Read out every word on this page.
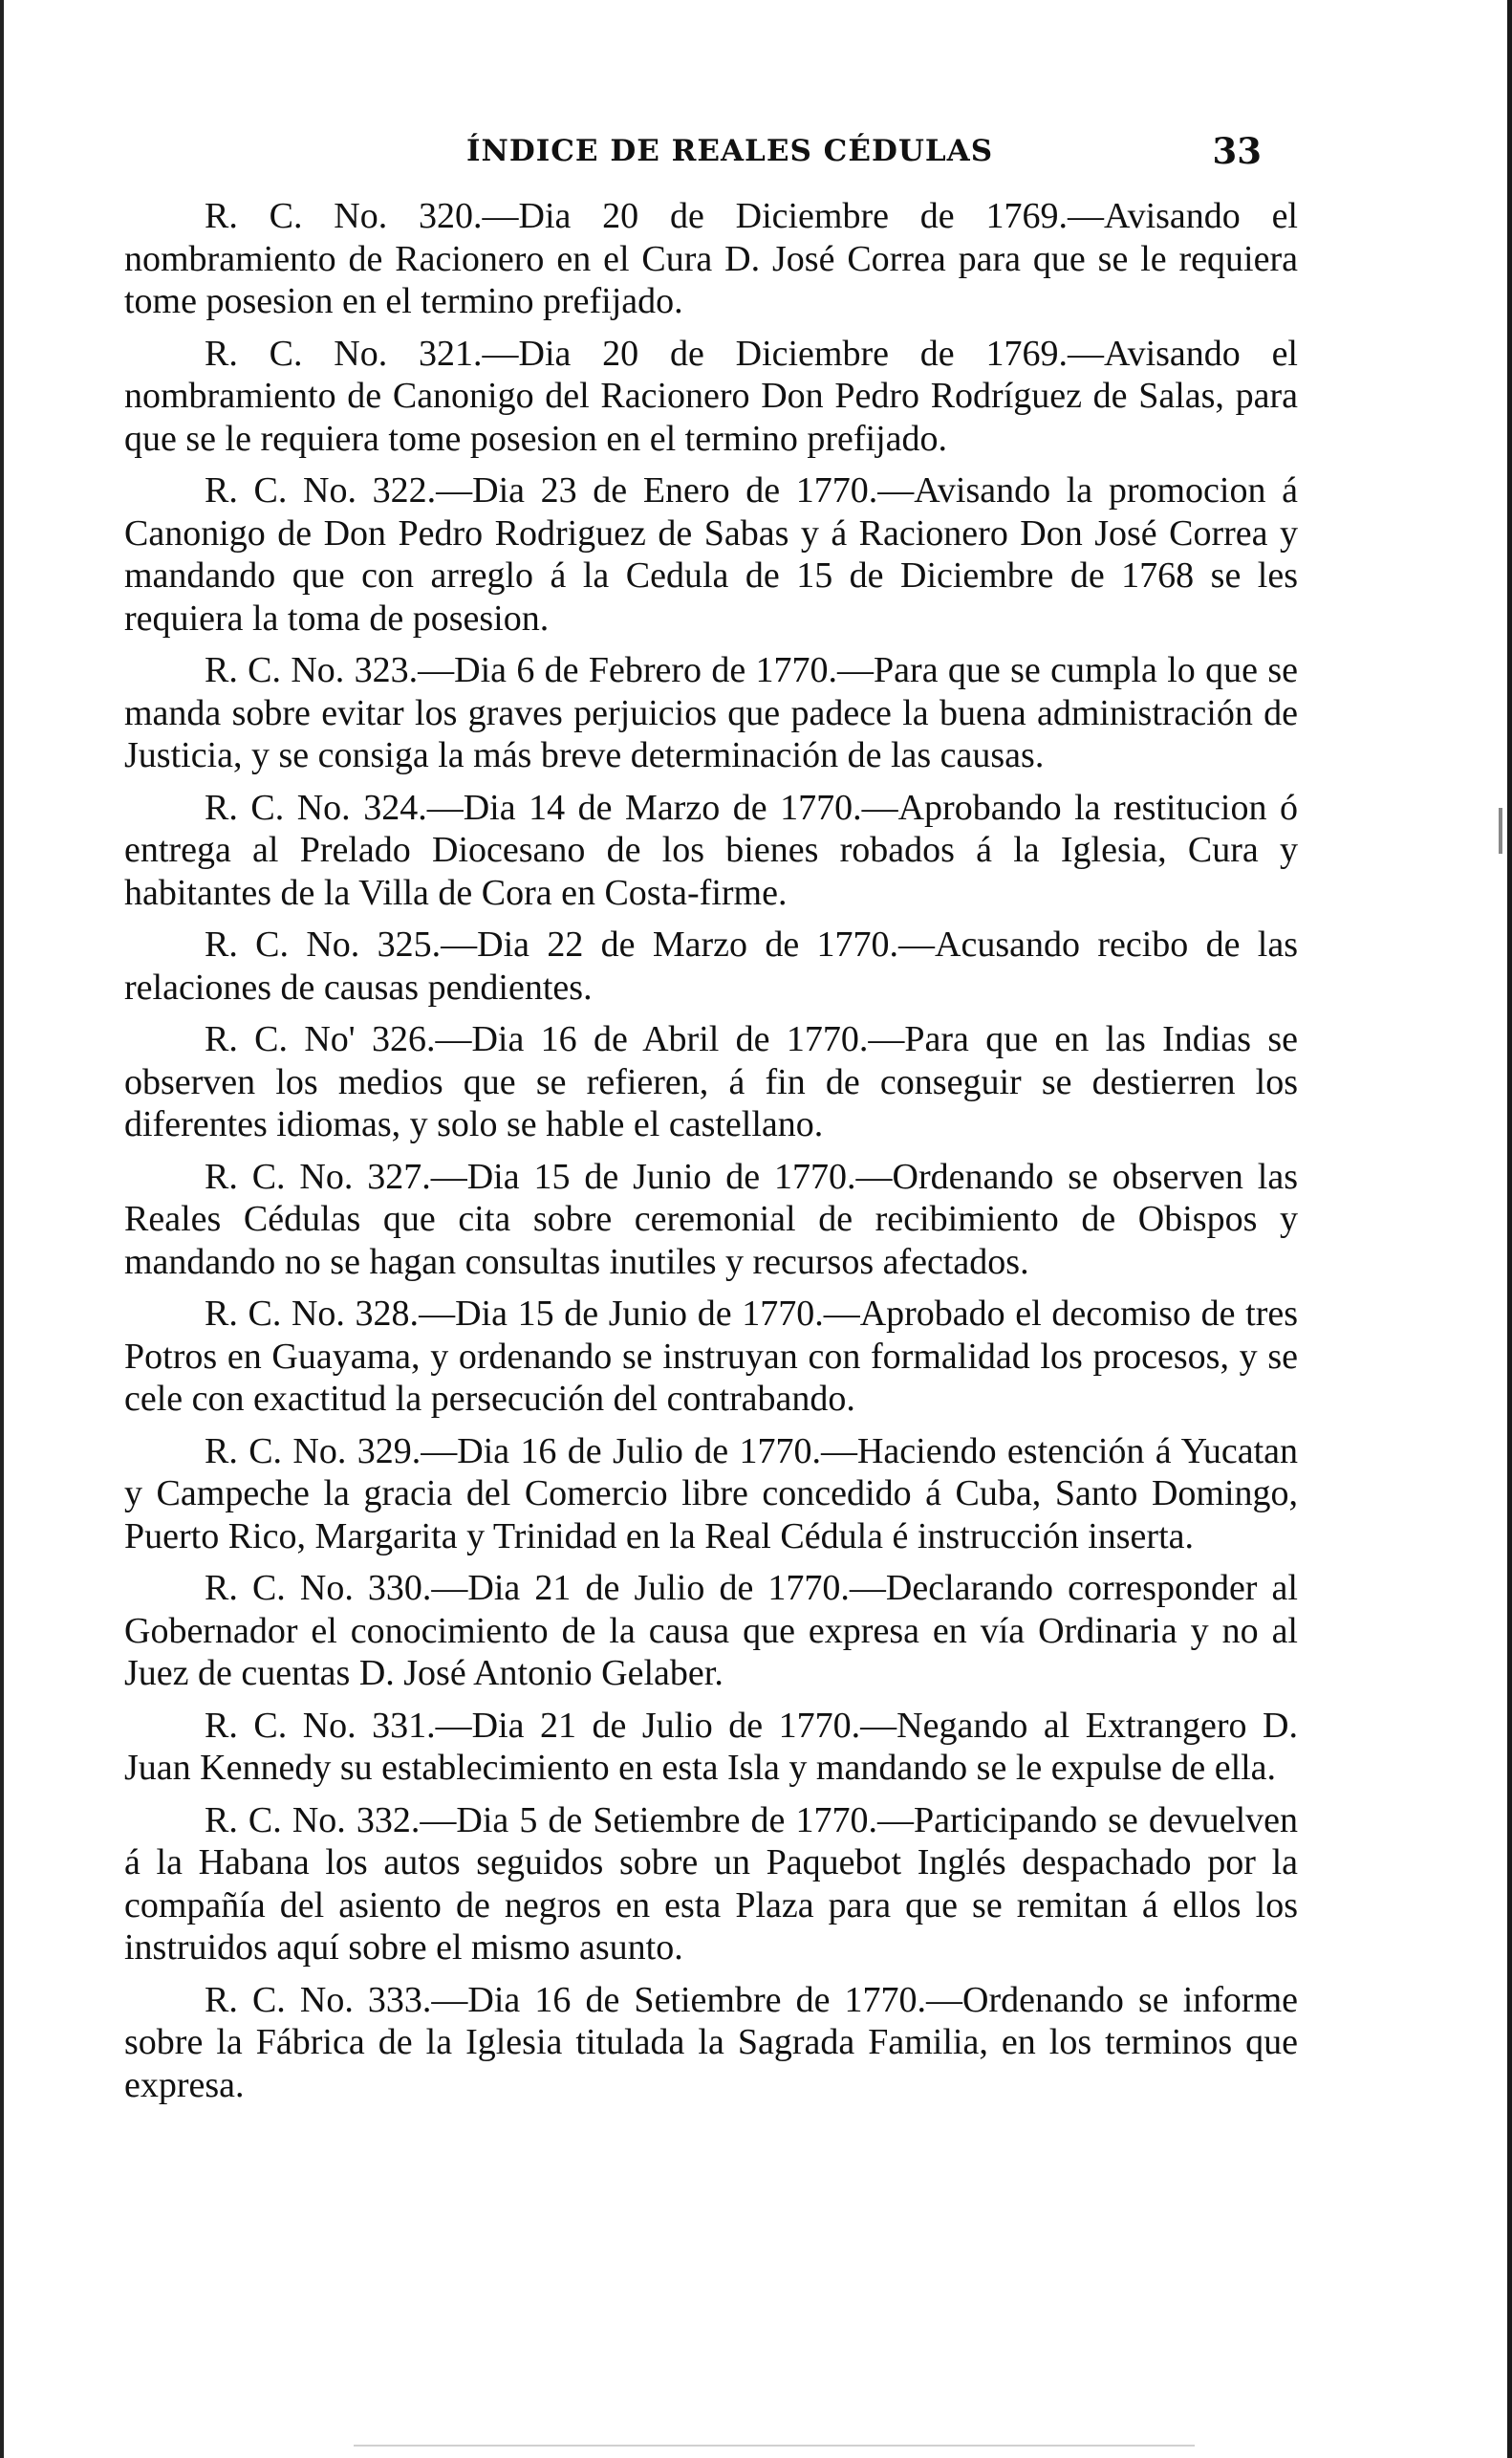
ÍNDICE DE REALES CÉDULAS	33

R. C. No. 320.—Dia 20 de Diciembre de 1769.—Avisando el nombramiento de Racionero en el Cura D. José Correa para que se le requiera tome posesion en el termino prefijado.

R. C. No. 321.—Dia 20 de Diciembre de 1769.—Avisando el nombramiento de Canonigo del Racionero Don Pedro Rodríguez de Salas, para que se le requiera tome posesion en el termino prefijado.

R. C. No. 322.—Dia 23 de Enero de 1770.—Avisando la promocion á Canonigo de Don Pedro Rodriguez de Sabas y á Racionero Don José Correa y mandando que con arreglo á la Cedula de 15 de Diciembre de 1768 se les requiera la toma de posesion.

R. C. No. 323.—Dia 6 de Febrero de 1770.—Para que se cumpla lo que se manda sobre evitar los graves perjuicios que padece la buena administración de Justicia, y se consiga la más breve determinación de las causas.

R. C. No. 324.—Dia 14 de Marzo de 1770.—Aprobando la restitucion ó entrega al Prelado Diocesano de los bienes robados á la Iglesia, Cura y habitantes de la Villa de Cora en Costa-firme.

R. C. No. 325.—Dia 22 de Marzo de 1770.—Acusando recibo de las relaciones de causas pendientes.

R. C. No' 326.—Dia 16 de Abril de 1770.—Para que en las Indias se observen los medios que se refieren, á fin de conseguir se destierren los diferentes idiomas, y solo se hable el castellano.

R. C. No. 327.—Dia 15 de Junio de 1770.—Ordenando se observen las Reales Cédulas que cita sobre ceremonial de recibimiento de Obispos y mandando no se hagan consultas inutiles y recursos afectados.

R. C. No. 328.—Dia 15 de Junio de 1770.—Aprobado el decomiso de tres Potros en Guayama, y ordenando se instruyan con formalidad los procesos, y se cele con exactitud la persecución del contrabando.

R. C. No. 329.—Dia 16 de Julio de 1770.—Haciendo estención á Yucatan y Campeche la gracia del Comercio libre concedido á Cuba, Santo Domingo, Puerto Rico, Margarita y Trinidad en la Real Cédula é instrucción inserta.

R. C. No. 330.—Dia 21 de Julio de 1770.—Declarando corresponder al Gobernador el conocimiento de la causa que expresa en vía Ordinaria y no al Juez de cuentas D. José Antonio Gelaber.

R. C. No. 331.—Dia 21 de Julio de 1770.—Negando al Extrangero D. Juan Kennedy su establecimiento en esta Isla y mandando se le expulse de ella.

R. C. No. 332.—Dia 5 de Setiembre de 1770.—Participando se devuelven á la Habana los autos seguidos sobre un Paquebot Inglés despachado por la compañía del asiento de negros en esta Plaza para que se remitan á ellos los instruidos aquí sobre el mismo asunto.

R. C. No. 333.—Dia 16 de Setiembre de 1770.—Ordenando se informe sobre la Fábrica de la Iglesia titulada la Sagrada Familia, en los terminos que expresa.
